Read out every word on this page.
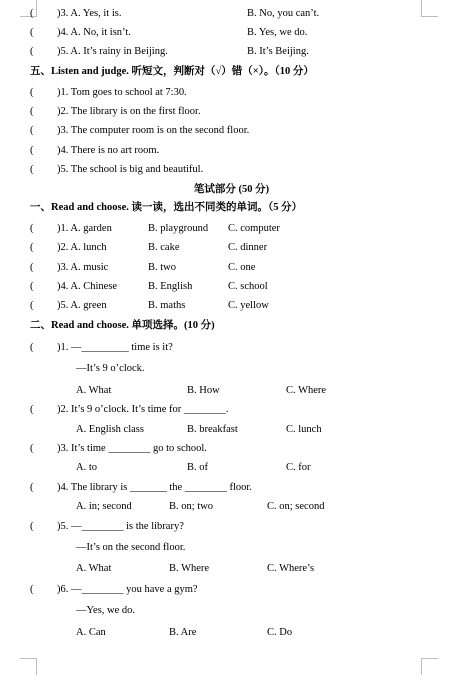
( )3. A. Yes, it is.	B. No, you can’t.
( )4. A. No, it isn’t.	B. Yes, we do.
( )5. A. It’s rainy in Beijing.	B. It’s Beijing.
五、Listen and judge. 听短文，判断对（√）错（×）。（10 分）
( )1. Tom goes to school at 7:30.
( )2. The library is on the first floor.
( )3. The computer room is on the second floor.
( )4. There is no art room.
( )5. The school is big and beautiful.
笔试部分 (50 分)
一、Read and choose. 读一读，选出不同类的单词。（5 分）
( )1. A. garden	B. playground C. computer
( )2. A. lunch	B. cake	C. dinner
( )3. A. music	B. two	C. one
( )4. A. Chinese	B. English	C. school
( )5. A. green	B. maths	C. yellow
二、Read and choose. 单项选择。(10 分)
( )1. —_________ time is it?
—It’s 9 o’clock.
A. What	B. How	C. Where
( )2. It’s 9 o’clock. It’s time for ________.
A. English class	B. breakfast	C. lunch
( )3. It’s time ________ go to school.
A. to	B. of	C. for
( )4. The library is _______ the ________ floor.
A. in; second	B. on; two	C. on; second
( )5. —________ is the library?
—It’s on the second floor.
A. What	B. Where	C. Where’s
( )6. —________ you have a gym?
—Yes, we do.
A. Can	B. Are	C. Do
